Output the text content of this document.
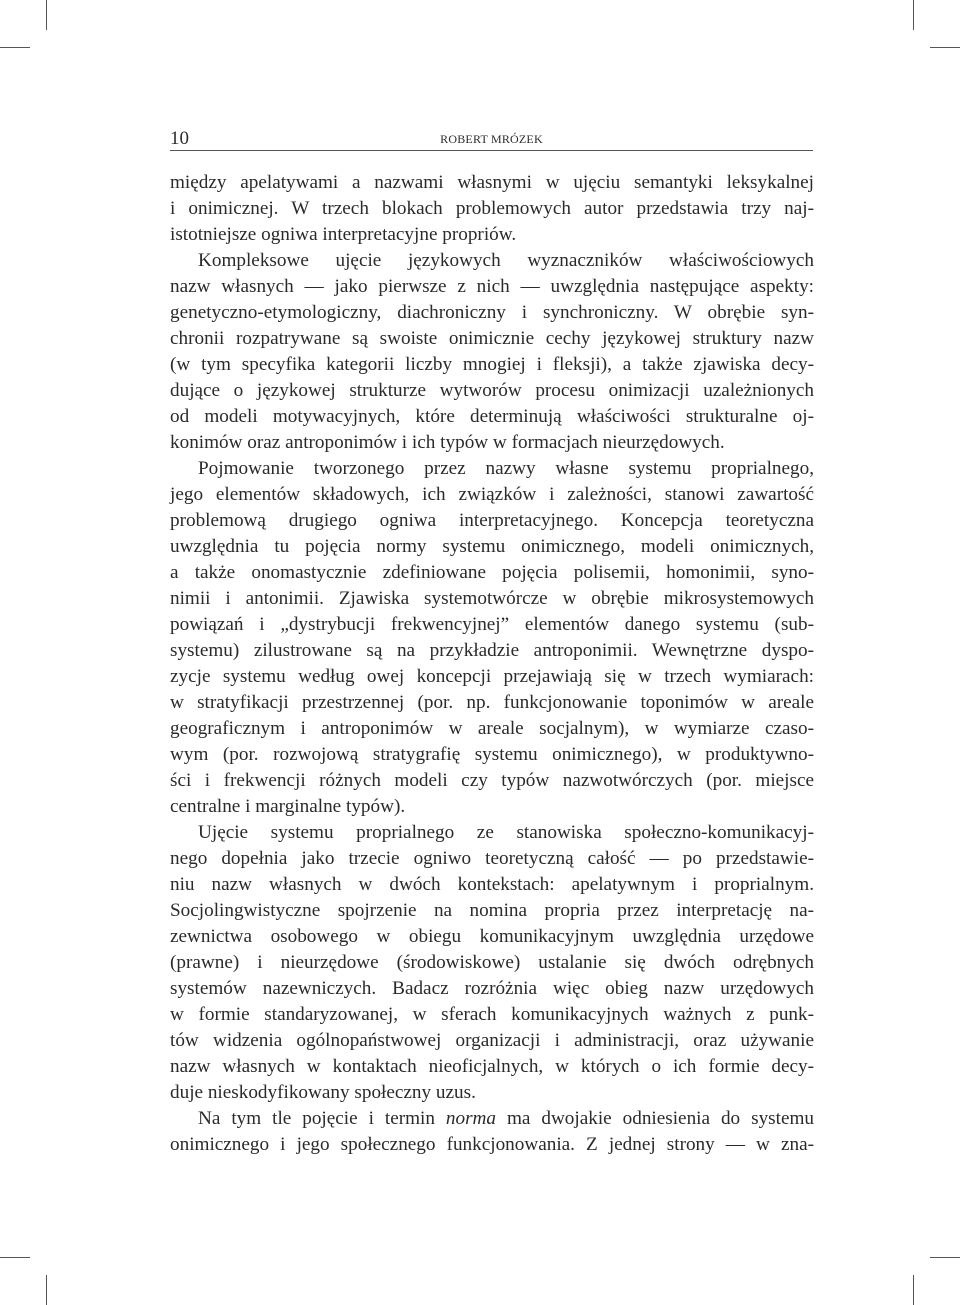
10	ROBERT MRÓZEK
między apelatywami a nazwami własnymi w ujęciu semantyki leksykalnej
i onimicznej. W trzech blokach problemowych autor przedstawia trzy naj-
istotniejsze ogniwa interpretacyjne propriów.
Kompleksowe ujęcie językowych wyznaczników właściwościowych
nazw własnych — jako pierwsze z nich — uwzględnia następujące aspekty:
genetyczno-etymologiczny, diachroniczny i synchroniczny. W obrębie syn-
chronii rozpatrywane są swoiste onimicznie cechy językowej struktury nazw
(w tym specyfika kategorii liczby mnogiej i fleksji), a także zjawiska decy-
dujące o językowej strukturze wytworów procesu onimizacji uzależnionych
od modeli motywacyjnych, które determinują właściwości strukturalne oj-
konimów oraz antroponimów i ich typów w formacjach nieurzędowych.
Pojmowanie tworzonego przez nazwy własne systemu proprialnego,
jego elementów składowych, ich związków i zależności, stanowi zawartość
problemową drugiego ogniwa interpretacyjnego. Koncepcja teoretyczna
uwzględnia tu pojęcia normy systemu onimicznego, modeli onimicznych,
a także onomastycznie zdefiniowane pojęcia polisemii, homonimii, syno-
nimii i antonimii. Zjawiska systemotwórcze w obrębie mikrosystemowych
powiązań i „dystrybucji frekwencyjnej” elementów danego systemu (sub-
systemu) zilustrowane są na przykładzie antroponimii. Wewnętrzne dyspo-
zycje systemu według owej koncepcji przejawiają się w trzech wymiarach:
w stratyfikacji przestrzennej (por. np. funkcjonowanie toponimów w areale
geograficznym i antroponimów w areale socjalnym), w wymiarze czaso-
wym (por. rozwojową stratygrafię systemu onimicznego), w produktywno-
ści i frekwencji różnych modeli czy typów nazwotwórczych (por. miejsce
centralne i marginalne typów).
Ujęcie systemu proprialnego ze stanowiska społeczno-komunikacyj-
nego dopełnia jako trzecie ogniwo teoretyczną całość — po przedstawie-
niu nazw własnych w dwóch kontekstach: apelatywnym i proprialnym.
Socjolingwistyczne spojrzenie na nomina propria przez interpretację na-
zewnictwa osobowego w obiegu komunikacyjnym uwzględnia urzędowe
(prawne) i nieurzędowe (środowiskowe) ustalanie się dwóch odrębnych
systemów nazewniczych. Badacz rozróżnia więc obieg nazw urzędowych
w formie standaryzowanej, w sferach komunikacyjnych ważnych z punk-
tów widzenia ogólnopaństwowej organizacji i administracji, oraz używanie
nazw własnych w kontaktach nieoficjalnych, w których o ich formie decy-
duje nieskodyfikowany społeczny uzus.
Na tym tle pojęcie i termin norma ma dwojakie odniesienia do systemu
onimicznego i jego społecznego funkcjonowania. Z jednej strony — w zna-
